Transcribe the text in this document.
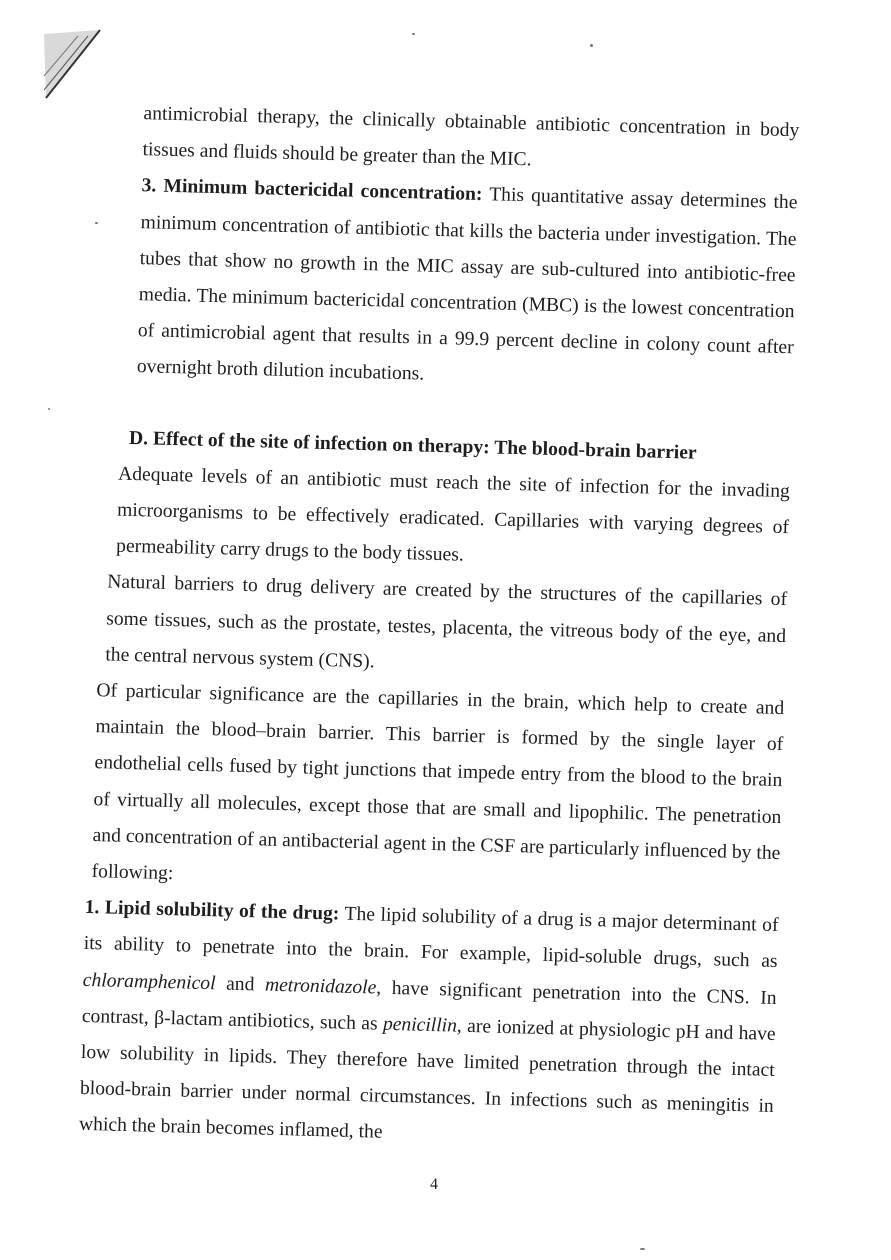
antimicrobial therapy, the clinically obtainable antibiotic concentration in body tissues and fluids should be greater than the MIC.

3. Minimum bactericidal concentration: This quantitative assay determines the minimum concentration of antibiotic that kills the bacteria under investigation. The tubes that show no growth in the MIC assay are sub-cultured into antibiotic-free media. The minimum bactericidal concentration (MBC) is the lowest concentration of antimicrobial agent that results in a 99.9 percent decline in colony count after overnight broth dilution incubations.

D. Effect of the site of infection on therapy: The blood-brain barrier

Adequate levels of an antibiotic must reach the site of infection for the invading microorganisms to be effectively eradicated. Capillaries with varying degrees of permeability carry drugs to the body tissues.

Natural barriers to drug delivery are created by the structures of the capillaries of some tissues, such as the prostate, testes, placenta, the vitreous body of the eye, and the central nervous system (CNS).

Of particular significance are the capillaries in the brain, which help to create and maintain the blood–brain barrier. This barrier is formed by the single layer of endothelial cells fused by tight junctions that impede entry from the blood to the brain of virtually all molecules, except those that are small and lipophilic. The penetration and concentration of an antibacterial agent in the CSF are particularly influenced by the following:

1. Lipid solubility of the drug: The lipid solubility of a drug is a major determinant of its ability to penetrate into the brain. For example, lipid-soluble drugs, such as chloramphenicol and metronidazole, have significant penetration into the CNS. In contrast, β-lactam antibiotics, such as penicillin, are ionized at physiologic pH and have low solubility in lipids. They therefore have limited penetration through the intact blood-brain barrier under normal circumstances. In infections such as meningitis in which the brain becomes inflamed, the

4
